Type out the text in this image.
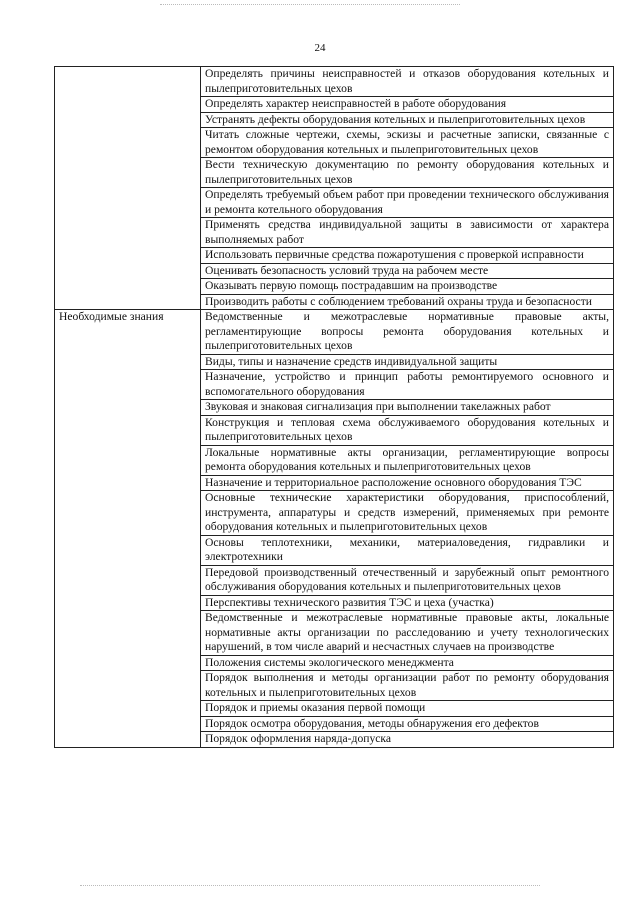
24
	Определять причины неисправностей и отказов оборудования котельных и пылеприготовительных цехов
	Определять характер неисправностей в работе оборудования
	Устранять дефекты оборудования котельных и пылеприготовительных цехов
	Читать сложные чертежи, схемы, эскизы и расчетные записки, связанные с ремонтом оборудования котельных и пылеприготовительных цехов
	Вести техническую документацию по ремонту оборудования котельных и пылеприготовительных цехов
	Определять требуемый объем работ при проведении технического обслуживания и ремонта котельного оборудования
	Применять средства индивидуальной защиты в зависимости от характера выполняемых работ
	Использовать первичные средства пожаротушения с проверкой исправности
	Оценивать безопасность условий труда на рабочем месте
	Оказывать первую помощь пострадавшим на производстве
	Производить работы с соблюдением требований охраны труда и безопасности
Необходимые знания	Ведомственные и межотраслевые нормативные правовые акты, регламентирующие вопросы ремонта оборудования котельных и пылеприготовительных цехов
	Виды, типы и назначение средств индивидуальной защиты
	Назначение, устройство и принцип работы ремонтируемого основного и вспомогательного оборудования
	Звуковая и знаковая сигнализация при выполнении такелажных работ
	Конструкция и тепловая схема обслуживаемого оборудования котельных и пылеприготовительных цехов
	Локальные нормативные акты организации, регламентирующие вопросы ремонта оборудования котельных и пылеприготовительных цехов
	Назначение и территориальное расположение основного оборудования ТЭС
	Основные технические характеристики оборудования, приспособлений, инструмента, аппаратуры и средств измерений, применяемых при ремонте оборудования котельных и пылеприготовительных цехов
	Основы теплотехники, механики, материаловедения, гидравлики и электротехники
	Передовой производственный отечественный и зарубежный опыт ремонтного обслуживания оборудования котельных и пылеприготовительных цехов
	Перспективы технического развития ТЭС и цеха (участка)
	Ведомственные и межотраслевые нормативные правовые акты, локальные нормативные акты организации по расследованию и учету технологических нарушений, в том числе аварий и несчастных случаев на производстве
	Положения системы экологического менеджмента
	Порядок выполнения и методы организации работ по ремонту оборудования котельных и пылеприготовительных цехов
	Порядок и приемы оказания первой помощи
	Порядок осмотра оборудования, методы обнаружения его дефектов
	Порядок оформления наряда-допуска
